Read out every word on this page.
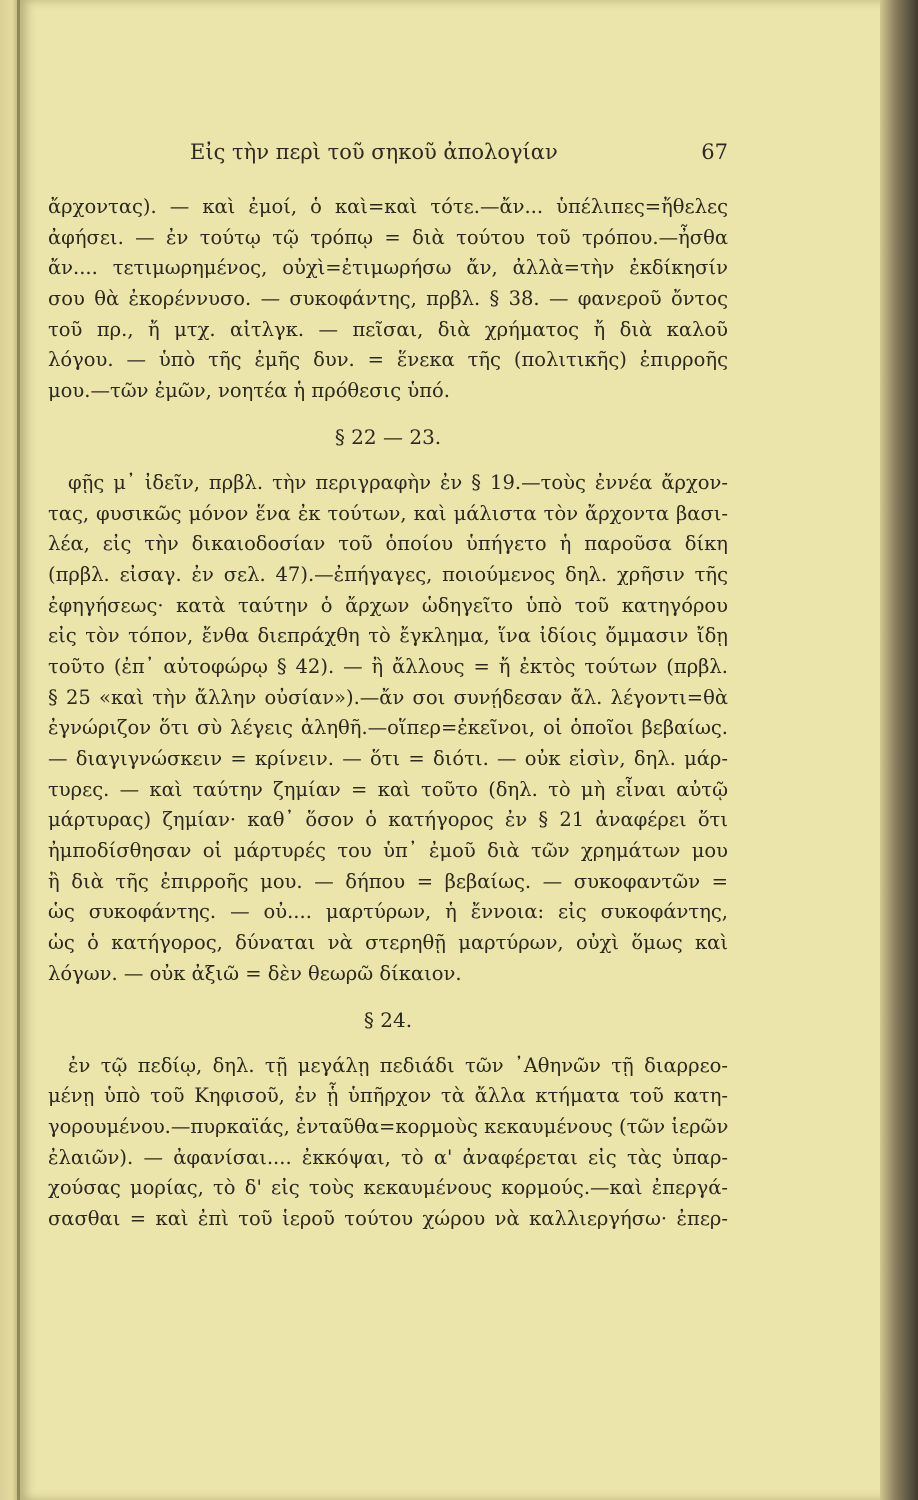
Εἰς τὴν περὶ τοῦ σηκοῦ ἀπολογίαν	67
ἄρχοντας). — καὶ ἐμοί, ὁ καὶ=καὶ τότε.—ἄν... ὑπέλιπες=ἤθελες
ἀφήσει. — ἐν τούτῳ τῷ τρόπῳ = διὰ τούτου τοῦ τρόπου.—ἦσθα
ἄν.... τετιμωρημένος, οὐχὶ=ἐτιμωρήσω ἄν, ἀλλὰ=τὴν ἐκδίκησίν
σου θὰ ἐκορέννυσο. — συκοφάντης, πρβλ. § 38. — φανεροῦ ὄντος
τοῦ πρ., ἤ μτχ. αἰτλγκ. — πεῖσαι, διὰ χρήματος ἤ διὰ καλοῦ
λόγου. — ὑπὸ τῆς ἐμῆς δυν. = ἕνεκα τῆς (πολιτικῆς) ἐπιρροῆς
μου.—τῶν ἐμῶν, νοητέα ἡ πρόθεσις ὑπό.
§ 22 — 23.
φῇς μ᾿ ἰδεῖν, πρβλ. τὴν περιγραφὴν ἐν § 19.—τοὺς ἐννέα ἄρχον-
τας, φυσικῶς μόνον ἕνα ἐκ τούτων, καὶ μάλιστα τὸν ἄρχοντα βασι-
λέα, εἰς τὴν δικαιοδοσίαν τοῦ ὁποίου ὑπήγετο ἡ παροῦσα δίκη
(πρβλ. εἰσαγ. ἐν σελ. 47).—ἐπήγαγες, ποιούμενος δηλ. χρῆσιν τῆς
ἐφηγήσεως· κατὰ ταύτην ὁ ἄρχων ὡδηγεῖτο ὑπὸ τοῦ κατηγόρου
εἰς τὸν τόπον, ἔνθα διεπράχθη τὸ ἔγκλημα, ἵνα ἰδίοις ὄμμασιν ἴδῃ
τοῦτο (ἐπ᾿ αὐτοφώρῳ § 42). — ἢ ἄλλους = ἤ ἐκτὸς τούτων (πρβλ.
§ 25 «καὶ τὴν ἄλλην οὐσίαν»).—ἄν σοι συνῄδεσαν ἄλ. λέγοντι=θὰ
ἐγνώριζον ὅτι σὺ λέγεις ἀληθῆ.—οἵπερ=ἐκεῖνοι, οἱ ὁποῖοι βεβαίως.
— διαγιγνώσκειν = κρίνειν. — ὅτι = διότι. — οὐκ εἰσὶν, δηλ. μάρ-
τυρες. — καὶ ταύτην ζημίαν = καὶ τοῦτο (δηλ. τὸ μὴ εἶναι αὐτῷ
μάρτυρας) ζημίαν· καθ᾿ ὅσον ὁ κατήγορος ἐν § 21 ἀναφέρει ὅτι
ἠμποδίσθησαν οἱ μάρτυρές του ὑπ᾿ ἐμοῦ διὰ τῶν χρημάτων μου
ἢ διὰ τῆς ἐπιρροῆς μου. — δήπου = βεβαίως. — συκοφαντῶν =
ὡς συκοφάντης. — οὐ.... μαρτύρων, ἡ ἔννοια: εἰς συκοφάντης,
ὡς ὁ κατήγορος, δύναται νὰ στερηθῇ μαρτύρων, οὐχὶ ὅμως καὶ
λόγων. — οὐκ ἀξιῶ = δὲν θεωρῶ δίκαιον.
§ 24.
ἐν τῷ πεδίῳ, δηλ. τῇ μεγάλῃ πεδιάδι τῶν ᾿Αθηνῶν τῇ διαρρεο-
μένῃ ὑπὸ τοῦ Κηφισοῦ, ἐν ᾗ ὑπῆρχον τὰ ἄλλα κτήματα τοῦ κατη-
γορουμένου.—πυρκαϊάς, ἐνταῦθα=κορμοὺς κεκαυμένους (τῶν ἱερῶν
ἐλαιῶν). — ἀφανίσαι.... ἐκκόψαι, τὸ α' ἀναφέρεται εἰς τὰς ὑπαρ-
χούσας μορίας, τὸ δ' εἰς τοὺς κεκαυμένους κορμούς.—καὶ ἐπεργά-
σασθαι = καὶ ἐπὶ τοῦ ἱεροῦ τούτου χώρου νὰ καλλιεργήσω· ἐπερ-
